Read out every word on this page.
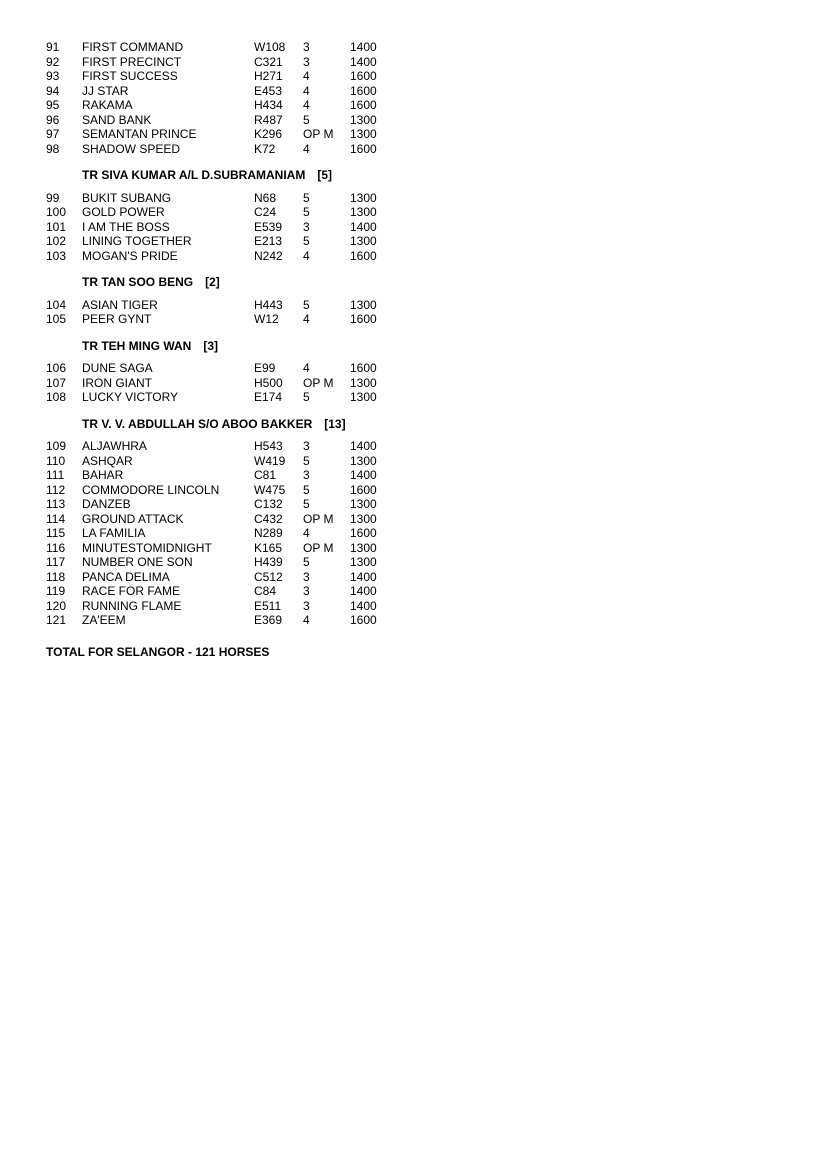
91 FIRST COMMAND	W108 3	1400
92 FIRST PRECINCT	C321 3	1400
93 FIRST SUCCESS	H271 4	1600
94 JJ STAR	E453 4	1600
95 RAKAMA	H434 4	1600
96 SAND BANK	R487 5	1300
97 SEMANTAN PRINCE	K296 OP M 1300
98 SHADOW SPEED	K72 4	1600
TR SIVA KUMAR A/L D.SUBRAMANIAM [5]
99 BUKIT SUBANG	N68 5	1300
100 GOLD POWER	C24 5	1300
101 I AM THE BOSS	E539 3	1400
102 LINING TOGETHER	E213 5	1300
103 MOGAN'S PRIDE	N242 4	1600
TR TAN SOO BENG [2]
104 ASIAN TIGER	H443 5	1300
105 PEER GYNT	W12 4	1600
TR TEH MING WAN [3]
106 DUNE SAGA	E99 4	1600
107 IRON GIANT	H500 OP M 1300
108 LUCKY VICTORY	E174 5	1300
TR V. V. ABDULLAH S/O ABOO BAKKER [13]
109 ALJAWHRA	H543 3	1400
110 ASHQAR	W419 5	1300
111 BAHAR	C81 3	1400
112 COMMODORE LINCOLN	W475 5	1600
113 DANZEB	C132 5	1300
114 GROUND ATTACK	C432 OP M 1300
115 LA FAMILIA	N289 4	1600
116 MINUTESTOMIDNIGHT	K165 OP M 1300
117 NUMBER ONE SON	H439 5	1300
118 PANCA DELIMA	C512 3	1400
119 RACE FOR FAME	C84 3	1400
120 RUNNING FLAME	E511 3	1400
121 ZA'EEM	E369 4	1600
TOTAL FOR SELANGOR - 121 HORSES
